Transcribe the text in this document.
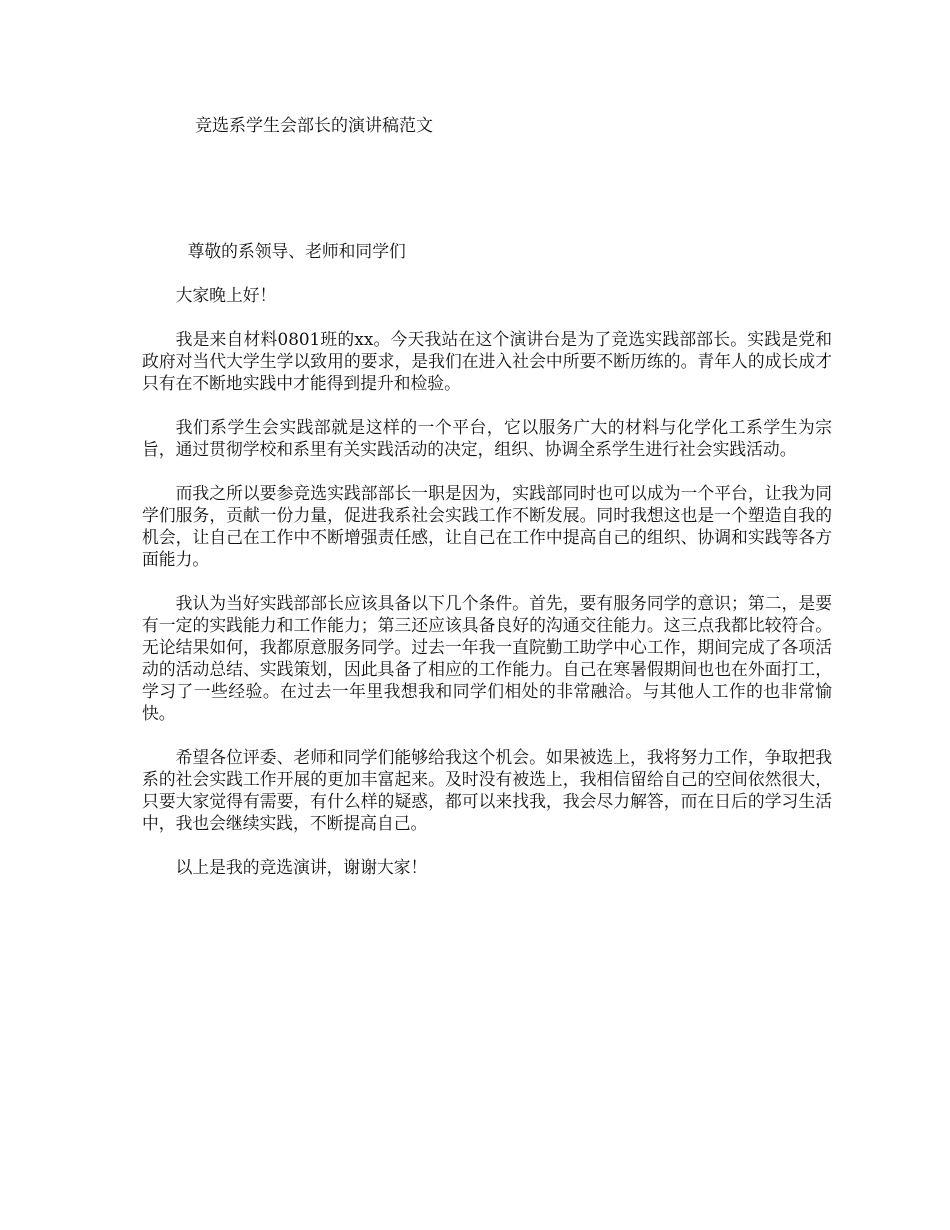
竞选系学生会部长的演讲稿范文

尊敬的系领导、老师和同学们

大家晚上好！

我是来自材料0801班的xx。今天我站在这个演讲台是为了竞选实践部部长。实践是党和政府对当代大学生学以致用的要求，是我们在进入社会中所要不断历练的。青年人的成长成才只有在不断地实践中才能得到提升和检验。

我们系学生会实践部就是这样的一个平台，它以服务广大的材料与化学化工系学生为宗旨，通过贯彻学校和系里有关实践活动的决定，组织、协调全系学生进行社会实践活动。

而我之所以要参竞选实践部部长一职是因为，实践部同时也可以成为一个平台，让我为同学们服务，贡献一份力量，促进我系社会实践工作不断发展。同时我想这也是一个塑造自我的机会，让自己在工作中不断增强责任感，让自己在工作中提高自己的组织、协调和实践等各方面能力。

我认为当好实践部部长应该具备以下几个条件。首先，要有服务同学的意识；第二，是要有一定的实践能力和工作能力；第三还应该具备良好的沟通交往能力。这三点我都比较符合。无论结果如何，我都原意服务同学。过去一年我一直院勤工助学中心工作，期间完成了各项活动的活动总结、实践策划，因此具备了相应的工作能力。自己在寒暑假期间也也在外面打工，学习了一些经验。在过去一年里我想我和同学们相处的非常融洽。与其他人工作的也非常愉快。

希望各位评委、老师和同学们能够给我这个机会。如果被选上，我将努力工作，争取把我系的社会实践工作开展的更加丰富起来。及时没有被选上，我相信留给自己的空间依然很大，只要大家觉得有需要，有什么样的疑惑，都可以来找我，我会尽力解答，而在日后的学习生活中，我也会继续实践，不断提高自己。

以上是我的竞选演讲，谢谢大家！
